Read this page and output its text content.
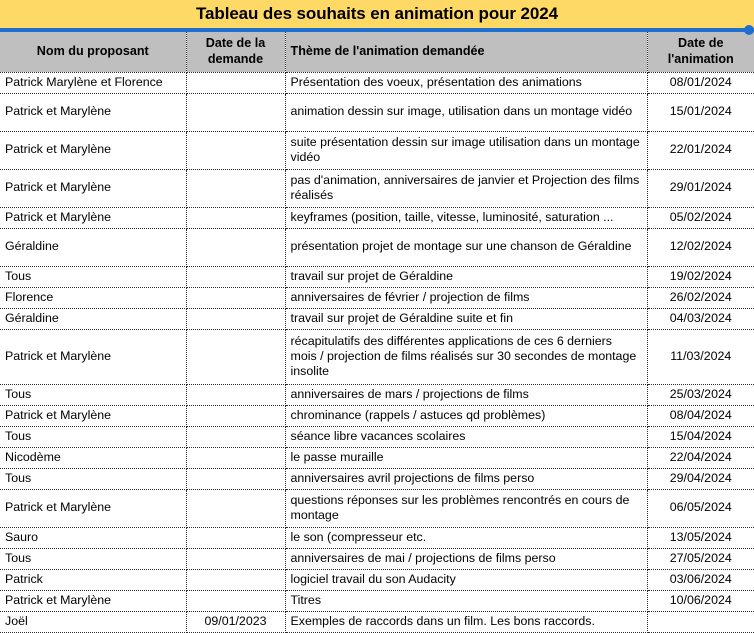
Tableau des souhaits en animation pour 2024
Nom du proposant	Date de la demande	Thème de l'animation demandée	Date de l'animation
Patrick Marylène et Florence		Présentation des voeux, présentation des animations	08/01/2024
Patrick et Marylène		animation dessin sur image, utilisation dans un montage vidéo	15/01/2024
Patrick et Marylène		suite présentation dessin sur image utilisation dans un montage vidéo	22/01/2024
Patrick et Marylène		pas d'animation, anniversaires de janvier et Projection des films réalisés	29/01/2024
Patrick et Marylène		keyframes (position, taille, vitesse, luminosité, saturation ...	05/02/2024
Géraldine		présentation projet de montage sur une chanson de Géraldine	12/02/2024
Tous		travail sur projet de Géraldine	19/02/2024
Florence		anniversaires de février / projection de films	26/02/2024
Géraldine		travail sur projet de Géraldine suite et fin	04/03/2024
Patrick et Marylène		récapitulatifs des différentes applications de ces 6 derniers mois / projection de films réalisés sur 30 secondes de montage insolite	11/03/2024
Tous		anniversaires de mars / projections de films	25/03/2024
Patrick et Marylène		chrominance (rappels / astuces qd problèmes)	08/04/2024
Tous		séance libre vacances scolaires	15/04/2024
Nicodème		le passe muraille	22/04/2024
Tous		anniversaires avril projections de films perso	29/04/2024
Patrick et Marylène		questions réponses sur les problèmes rencontrés en cours de montage	06/05/2024
Sauro		le son (compresseur etc.	13/05/2024
Tous		anniversaires de mai / projections de films perso	27/05/2024
Patrick		logiciel travail du son Audacity	03/06/2024
Patrick et Marylène		Titres	10/06/2024
Joël	09/01/2023	Exemples de raccords dans un film. Les bons raccords.	
